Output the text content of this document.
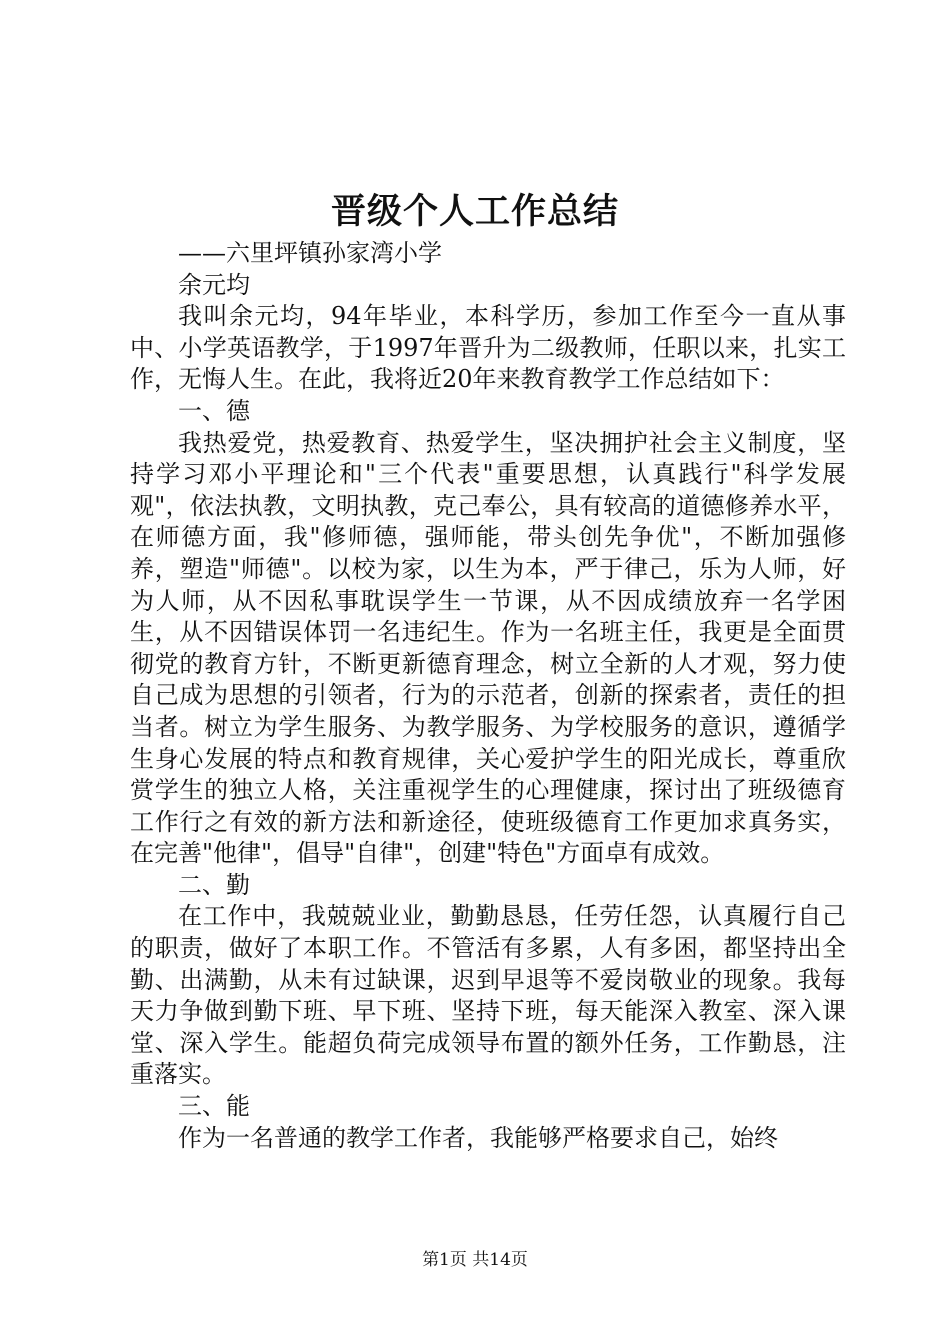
晋级个人工作总结

——六里坪镇孙家湾小学

余元均

我叫余元均，94年毕业，本科学历，参加工作至今一直从事中、小学英语教学，于1997年晋升为二级教师，任职以来，扎实工作，无悔人生。在此，我将近20年来教育教学工作总结如下：

一、德

我热爱党，热爱教育、热爱学生，坚决拥护社会主义制度，坚持学习邓小平理论和"三个代表"重要思想，认真践行"科学发展观"，依法执教，文明执教，克己奉公，具有较高的道德修养水平，在师德方面，我"修师德，强师能，带头创先争优"，不断加强修养，塑造"师德"。以校为家，以生为本，严于律己，乐为人师，好为人师，从不因私事耽误学生一节课，从不因成绩放弃一名学困生，从不因错误体罚一名违纪生。作为一名班主任，我更是全面贯彻党的教育方针，不断更新德育理念，树立全新的人才观，努力使自己成为思想的引领者，行为的示范者，创新的探索者，责任的担当者。树立为学生服务、为教学服务、为学校服务的意识，遵循学生身心发展的特点和教育规律，关心爱护学生的阳光成长，尊重欣赏学生的独立人格，关注重视学生的心理健康，探讨出了班级德育工作行之有效的新方法和新途径，使班级德育工作更加求真务实，在完善"他律"，倡导"自律"，创建"特色"方面卓有成效。

二、勤

在工作中，我兢兢业业，勤勤恳恳，任劳任怨，认真履行自己的职责，做好了本职工作。不管活有多累，人有多困，都坚持出全勤、出满勤，从未有过缺课，迟到早退等不爱岗敬业的现象。我每天力争做到勤下班、早下班、坚持下班，每天能深入教室、深入课堂、深入学生。能超负荷完成领导布置的额外任务，工作勤恳，注重落实。

三、能

作为一名普通的教学工作者，我能够严格要求自己，始终

第1页 共14页
